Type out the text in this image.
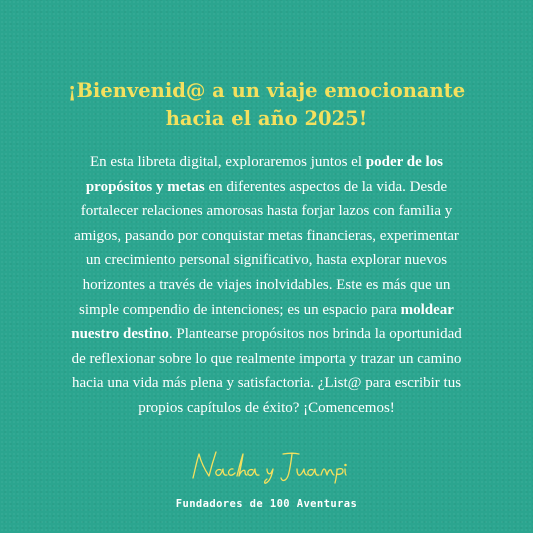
¡Bienvenid@ a un viaje emocionante
hacia el año 2025!

En esta libreta digital, exploraremos juntos el poder de los
propósitos y metas en diferentes aspectos de la vida. Desde
fortalecer relaciones amorosas hasta forjar lazos con familia y
amigos, pasando por conquistar metas financieras, experimentar
un crecimiento personal significativo, hasta explorar nuevos
horizontes a través de viajes inolvidables. Este es más que un
simple compendio de intenciones; es un espacio para moldear
nuestro destino. Plantearse propósitos nos brinda la oportunidad
de reflexionar sobre lo que realmente importa y trazar un camino
hacia una vida más plena y satisfactoria. ¿List@ para escribir tus
propios capítulos de éxito? ¡Comencemos!

Fundadores de 100 Aventuras
